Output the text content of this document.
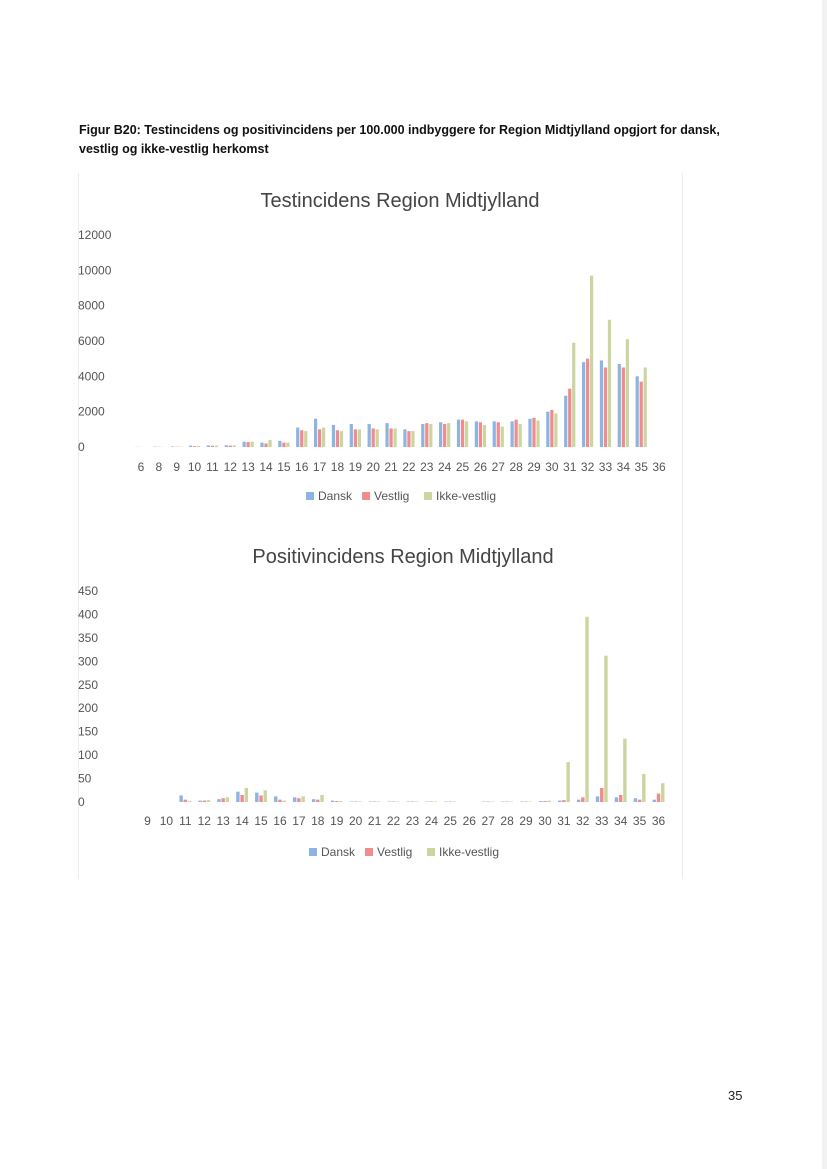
Figur B20: Testincidens og positivincidens per 100.000 indbyggere for Region Midtjylland opgjort for dansk, vestlig og ikke-vestlig herkomst
Testincidens Region Midtjylland
12000
10000
8000
6000
4000
2000
0
6 8 9 10 11 12 13 14 15 16 17 18 19 20 21 22 23 24 25 26 27 28 29 30 31 32 33 34 35 36
Dansk Vestlig Ikke-vestlig
Positivincidens Region Midtjylland
450
400
350
300
250
200
150
100
50
0
9 10 11 12 13 14 15 16 17 18 19 20 21 22 23 24 25 26 27 28 29 30 31 32 33 34 35 36
Dansk Vestlig Ikke-vestlig
35
